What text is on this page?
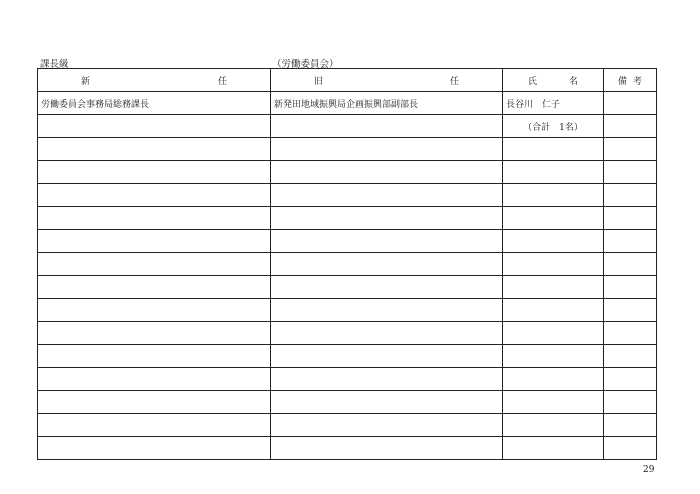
課長級	（労働委員会）
新 任	旧 任	氏 名	備 考

労働委員会事務局総務課長	新発田地域振興局企画振興部副部長	長谷川　仁子	
		（合計　1名）	

29
